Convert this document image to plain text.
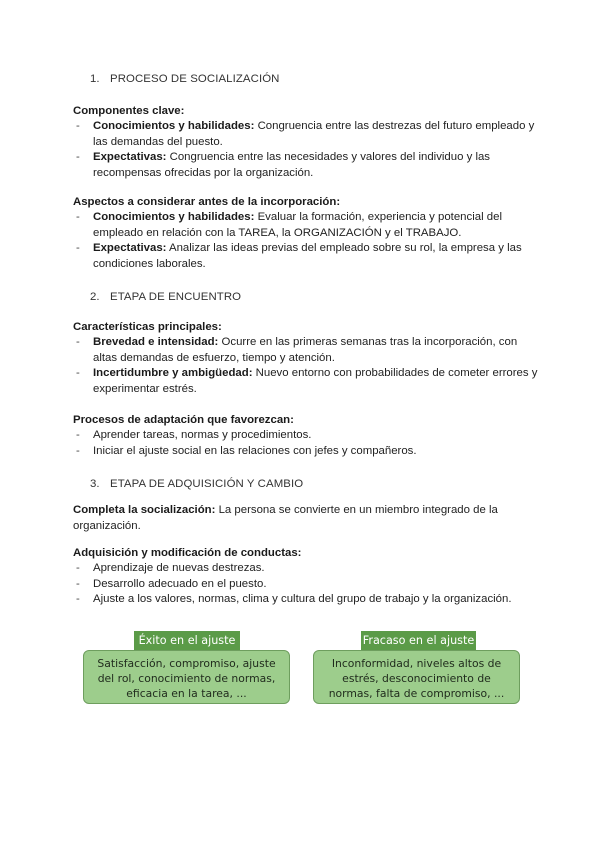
1. PROCESO DE SOCIALIZACIÓN
Componentes clave:
- Conocimientos y habilidades: Congruencia entre las destrezas del futuro empleado y las demandas del puesto.
- Expectativas: Congruencia entre las necesidades y valores del individuo y las recompensas ofrecidas por la organización.
Aspectos a considerar antes de la incorporación:
- Conocimientos y habilidades: Evaluar la formación, experiencia y potencial del empleado en relación con la TAREA, la ORGANIZACIÓN y el TRABAJO.
- Expectativas: Analizar las ideas previas del empleado sobre su rol, la empresa y las condiciones laborales.
2. ETAPA DE ENCUENTRO
Características principales:
- Brevedad e intensidad: Ocurre en las primeras semanas tras la incorporación, con altas demandas de esfuerzo, tiempo y atención.
- Incertidumbre y ambigüedad: Nuevo entorno con probabilidades de cometer errores y experimentar estrés.
Procesos de adaptación que favorezcan:
- Aprender tareas, normas y procedimientos.
- Iniciar el ajuste social en las relaciones con jefes y compañeros.
3. ETAPA DE ADQUISICIÓN Y CAMBIO
Completa la socialización: La persona se convierte en un miembro integrado de la organización.
Adquisición y modificación de conductas:
- Aprendizaje de nuevas destrezas.
- Desarrollo adecuado en el puesto.
- Ajuste a los valores, normas, clima y cultura del grupo de trabajo y la organización.
Éxito en el ajuste
Satisfacción, compromiso, ajuste del rol, conocimiento de normas, eficacia en la tarea, ...
Fracaso en el ajuste
Inconformidad, niveles altos de estrés, desconocimiento de normas, falta de compromiso, ...
